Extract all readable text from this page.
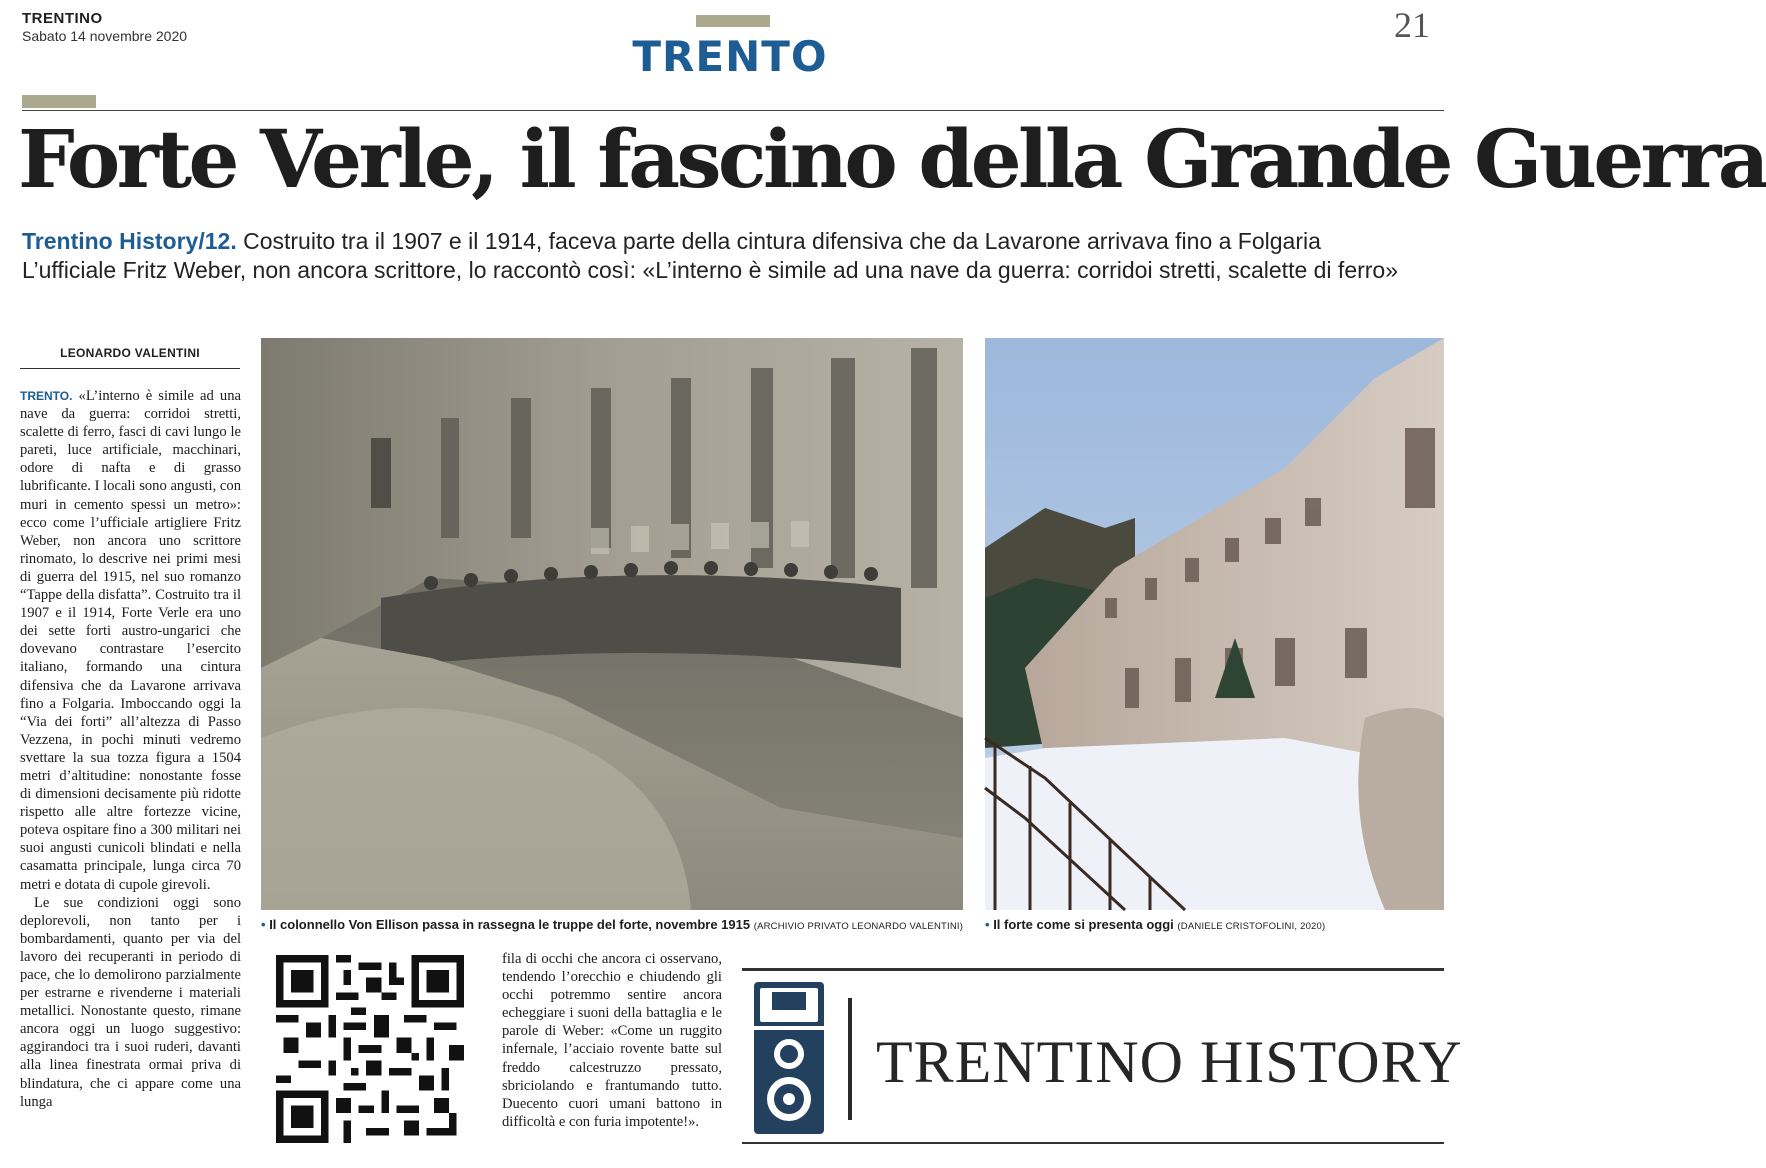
TRENTINO
Sabato 14 novembre 2020	TRENTO
21
Forte Verle, il fascino della Grande Guerra
Trentino History/12. Costruito tra il 1907 e il 1914, faceva parte della cintura difensiva che da Lavarone arrivava fino a Folgaria
L’ufficiale Fritz Weber, non ancora scrittore, lo raccontò così: «L’interno è simile ad una nave da guerra: corridoi stretti, scalette di ferro»
LEONARDO VALENTINI

TRENTO. «L’interno è simile ad una nave da guerra: corridoi stretti, scalette di ferro, fasci di cavi lungo le pareti, luce artificiale, macchinari, odore di nafta e di grasso lubrificante. I locali sono angusti, con muri in cemento spessi un metro»: ecco come l’ufficiale artigliere Fritz Weber, non ancora uno scrittore rinomato, lo descrive nei primi mesi di guerra del 1915, nel suo romanzo “Tappe della disfatta”. Costruito tra il 1907 e il 1914, Forte Verle era uno dei sette forti austro-ungarici che dovevano contrastare l’esercito italiano, formando una cintura difensiva che da Lavarone arrivava fino a Folgaria. Imboccando oggi la “Via dei forti” all’altezza di Passo Vezzena, in pochi minuti vedremo svettare la sua tozza figura a 1504 metri d’altitudine: nonostante fosse di dimensioni decisamente più ridotte rispetto alle altre fortezze vicine, poteva ospitare fino a 300 militari nei suoi angusti cunicoli blindati e nella casamatta principale, lunga circa 70 metri e dotata di cupole girevoli.

Le sue condizioni oggi sono deplorevoli, non tanto per i bombardamenti, quanto per via del lavoro dei recuperanti in periodo di pace, che lo demolirono parzialmente per estrarne e rivenderne i materiali metallici. Nonostante questo, rimane ancora oggi un luogo suggestivo: aggirandoci tra i suoi ruderi, davanti alla linea finestrata ormai priva di blindatura, che ci appare come una lunga

• Il colonnello Von Ellison passa in rassegna le truppe del forte, novembre 1915 (ARCHIVIO PRIVATO LEONARDO VALENTINI) • Il forte come si presenta oggi (DANIELE CRISTOFOLINI, 2020)
fila di occhi che ancora ci osservano, tendendo l’orecchio e chiudendo gli occhi potremmo sentire ancora echeggiare i suoni della battaglia e le parole di Weber: «Come un ruggito infernale, l’acciaio rovente batte sul freddo calcestruzzo pressato, sbriciolando e frantumando tutto. Duecento cuori umani battono in difficoltà e con furia impotente!».
TRENTINO HISTORY
